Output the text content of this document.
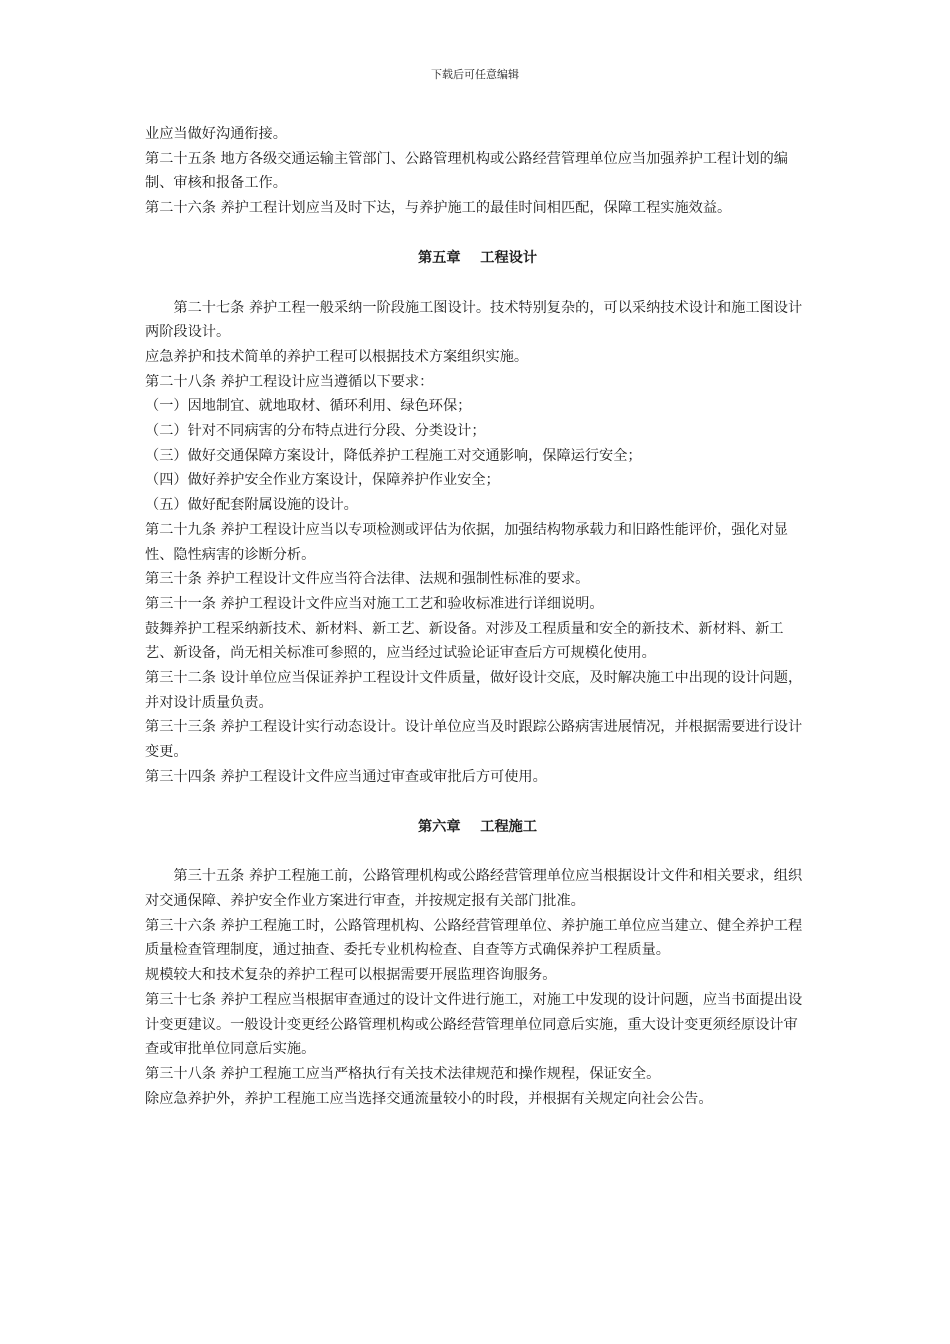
下载后可任意编辑

业应当做好沟通衔接。

第二十五条 地方各级交通运输主管部门、公路管理机构或公路经营管理单位应当加强养护工程计划的编制、审核和报备工作。

第二十六条 养护工程计划应当及时下达，与养护施工的最佳时间相匹配，保障工程实施效益。

第五章    工程设计

第二十七条 养护工程一般采纳一阶段施工图设计。技术特别复杂的，可以采纳技术设计和施工图设计两阶段设计。

应急养护和技术简单的养护工程可以根据技术方案组织实施。

第二十八条 养护工程设计应当遵循以下要求：

（一）因地制宜、就地取材、循环利用、绿色环保；

（二）针对不同病害的分布特点进行分段、分类设计；

（三）做好交通保障方案设计，降低养护工程施工对交通影响，保障运行安全；

（四）做好养护安全作业方案设计，保障养护作业安全；

（五）做好配套附属设施的设计。

第二十九条 养护工程设计应当以专项检测或评估为依据，加强结构物承载力和旧路性能评价，强化对显性、隐性病害的诊断分析。

第三十条 养护工程设计文件应当符合法律、法规和强制性标准的要求。

第三十一条 养护工程设计文件应当对施工工艺和验收标准进行详细说明。

鼓舞养护工程采纳新技术、新材料、新工艺、新设备。对涉及工程质量和安全的新技术、新材料、新工艺、新设备，尚无相关标准可参照的，应当经过试验论证审查后方可规模化使用。

第三十二条 设计单位应当保证养护工程设计文件质量，做好设计交底，及时解决施工中出现的设计问题，并对设计质量负责。

第三十三条 养护工程设计实行动态设计。设计单位应当及时跟踪公路病害进展情况，并根据需要进行设计变更。

第三十四条 养护工程设计文件应当通过审查或审批后方可使用。

第六章    工程施工

第三十五条 养护工程施工前，公路管理机构或公路经营管理单位应当根据设计文件和相关要求，组织对交通保障、养护安全作业方案进行审查，并按规定报有关部门批准。

第三十六条 养护工程施工时，公路管理机构、公路经营管理单位、养护施工单位应当建立、健全养护工程质量检查管理制度，通过抽查、委托专业机构检查、自查等方式确保养护工程质量。

规模较大和技术复杂的养护工程可以根据需要开展监理咨询服务。

第三十七条 养护工程应当根据审查通过的设计文件进行施工，对施工中发现的设计问题，应当书面提出设计变更建议。一般设计变更经公路管理机构或公路经营管理单位同意后实施，重大设计变更须经原设计审查或审批单位同意后实施。

第三十八条 养护工程施工应当严格执行有关技术法律规范和操作规程，保证安全。

除应急养护外，养护工程施工应当选择交通流量较小的时段，并根据有关规定向社会公告。
